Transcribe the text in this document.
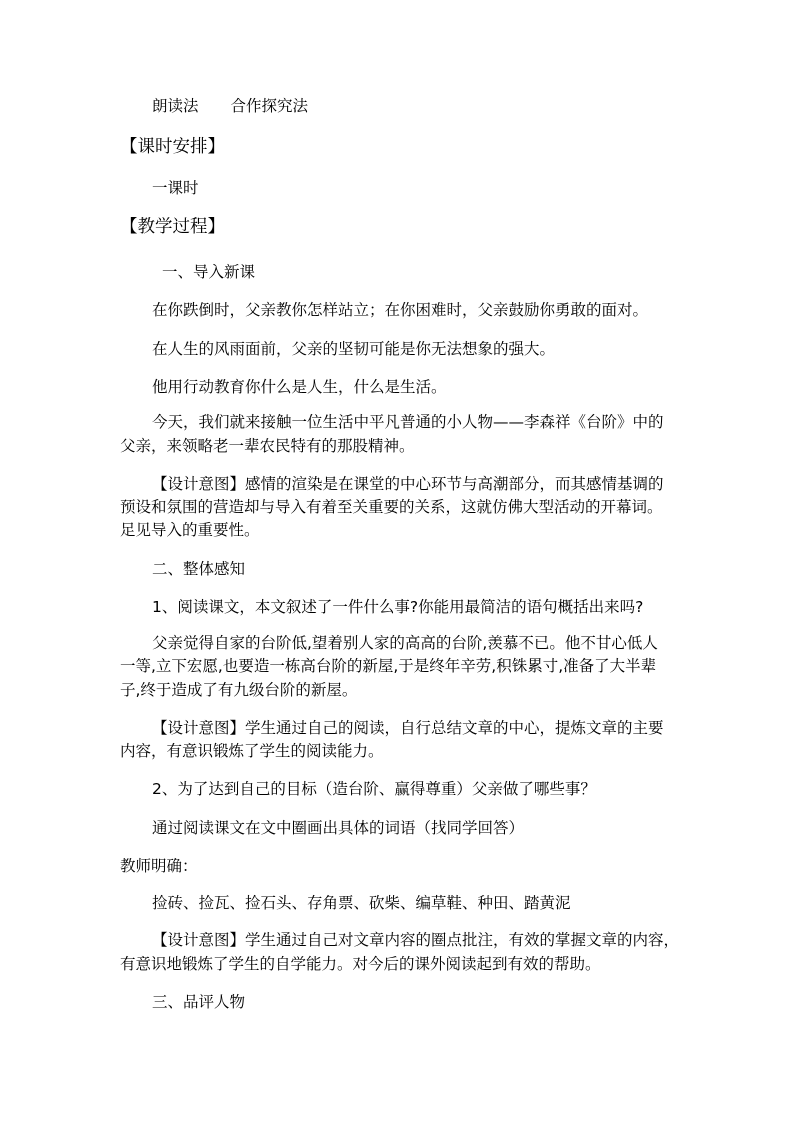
朗读法 合作探究法

【课时安排】

一课时

【教学过程】

一、导入新课

在你跌倒时，父亲教你怎样站立；在你困难时，父亲鼓励你勇敢的面对。

在人生的风雨面前，父亲的坚韧可能是你无法想象的强大。

他用行动教育你什么是人生，什么是生活。

今天，我们就来接触一位生活中平凡普通的小人物——李森祥《台阶》中的

父亲，来领略老一辈农民特有的那股精神。

【设计意图】感情的渲染是在课堂的中心环节与高潮部分，而其感情基调的

预设和氛围的营造却与导入有着至关重要的关系，这就仿佛大型活动的开幕词。

足见导入的重要性。

二、整体感知

1、阅读课文，本文叙述了一件什么事?你能用最简洁的语句概括出来吗?

父亲觉得自家的台阶低,望着别人家的高高的台阶,羡慕不已。他不甘心低人

一等,立下宏愿,也要造一栋高台阶的新屋,于是终年辛劳,积铢累寸,准备了大半辈

子,终于造成了有九级台阶的新屋。

【设计意图】学生通过自己的阅读，自行总结文章的中心，提炼文章的主要

内容，有意识锻炼了学生的阅读能力。

2、为了达到自己的目标（造台阶、赢得尊重）父亲做了哪些事？

通过阅读课文在文中圈画出具体的词语（找同学回答）

教师明确：

捡砖、捡瓦、捡石头、存角票、砍柴、编草鞋、种田、踏黄泥

【设计意图】学生通过自己对文章内容的圈点批注，有效的掌握文章的内容，

有意识地锻炼了学生的自学能力。对今后的课外阅读起到有效的帮助。

三、品评人物
